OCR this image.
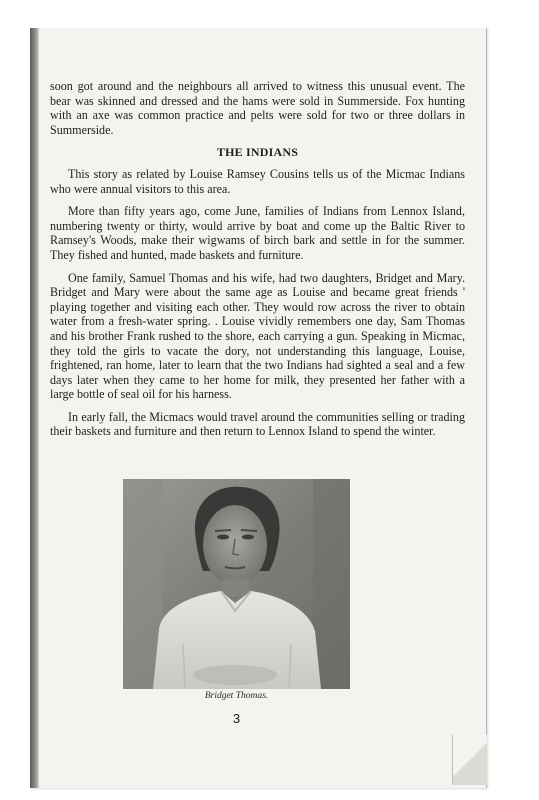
soon got around and the neighbours all arrived to witness this unusual event. The bear was skinned and dressed and the hams were sold in Summerside. Fox hunting with an axe was common practice and pelts were sold for two or three dollars in Summerside.

THE INDIANS

This story as related by Louise Ramsey Cousins tells us of the Micmac Indians who were annual visitors to this area.

More than fifty years ago, come June, families of Indians from Lennox Island, numbering twenty or thirty, would arrive by boat and come up the Baltic River to Ramsey's Woods, make their wigwams of birch bark and settle in for the summer. They fished and hunted, made baskets and furniture.

One family, Samuel Thomas and his wife, had two daughters, Bridget and Mary. Bridget and Mary were about the same age as Louise and became great friends ' playing together and visiting each other. They would row across the river to obtain water from a fresh-water spring. . Louise vividly remembers one day, Sam Thomas and his brother Frank rushed to the shore, each carrying a gun. Speaking in Micmac, they told the girls to vacate the dory, not understanding this language, Louise, frightened, ran home, later to learn that the two Indians had sighted a seal and a few days later when they came to her home for milk, they presented her father with a large bottle of seal oil for his harness.

In early fall, the Micmacs would travel around the communities selling or trading their baskets and furniture and then return to Lennox Island to spend the winter.

Bridget Thomas.
3
